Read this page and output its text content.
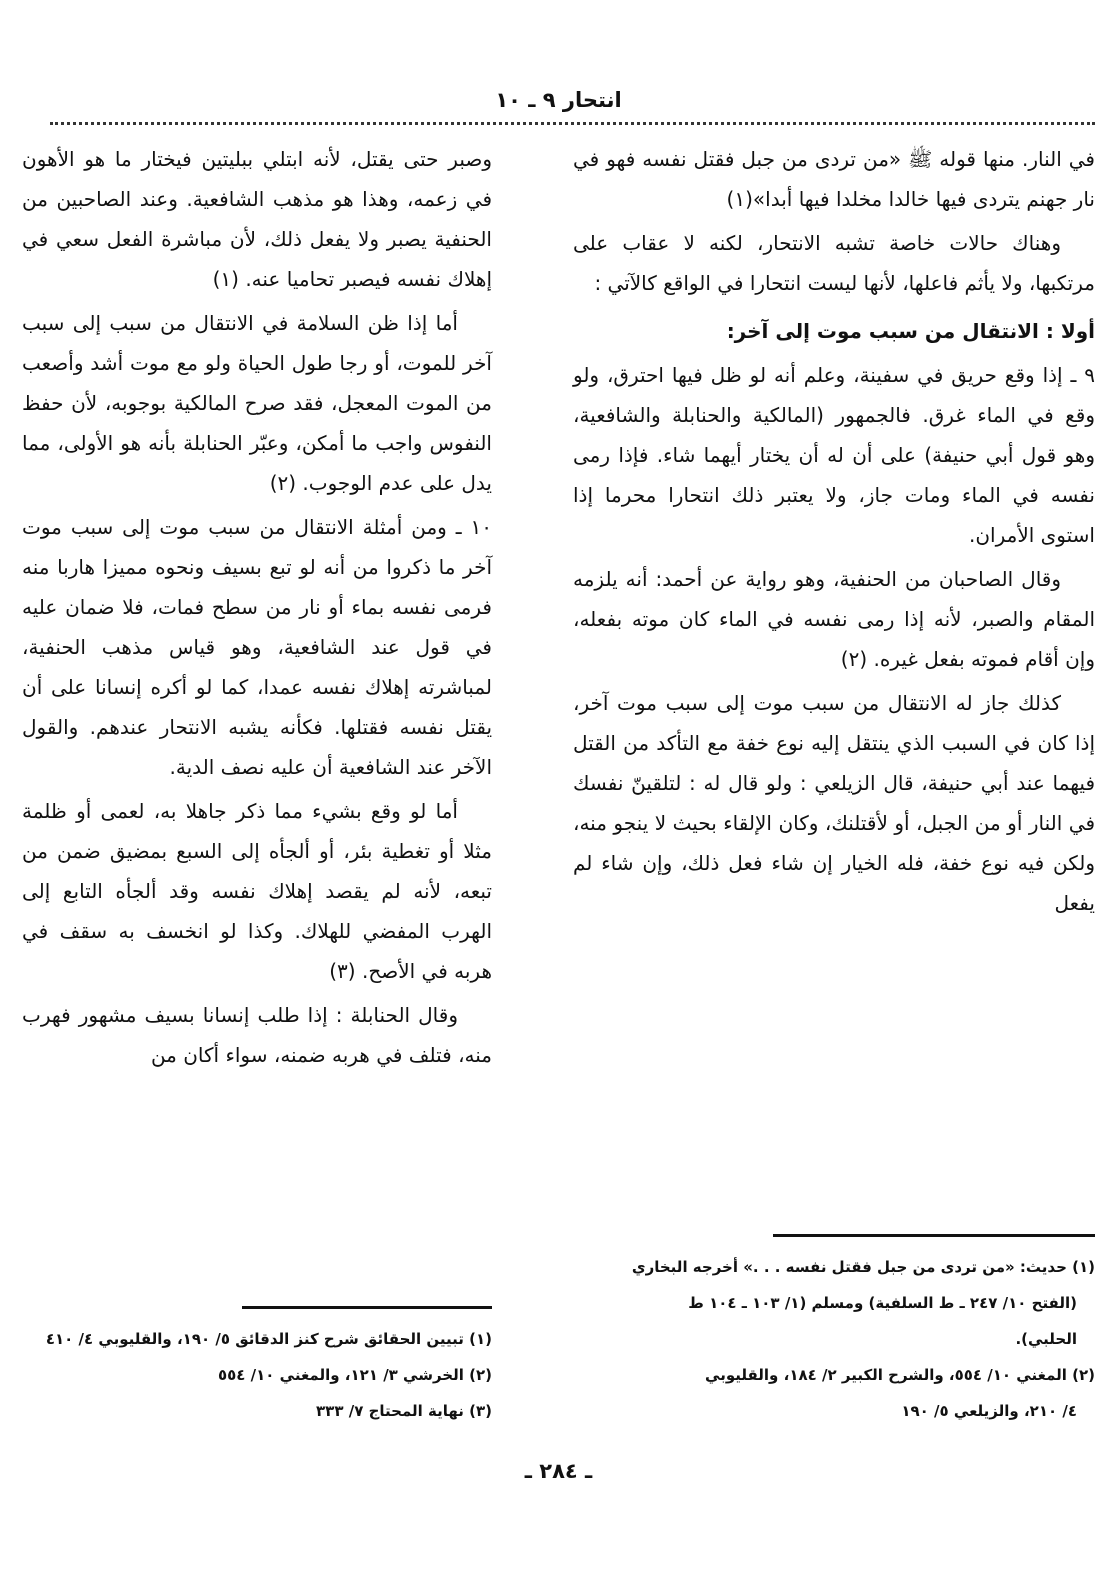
انتحار ٩ ـ ١٠

في النار. منها قوله ﷺ «من تردى من جبل فقتل نفسه فهو في نار جهنم يتردى فيها خالدا مخلدا فيها أبدا»(١)

وهناك حالات خاصة تشبه الانتحار، لكنه لا عقاب على مرتكبها، ولا يأثم فاعلها، لأنها ليست انتحارا في الواقع كالآتي :

أولا : الانتقال من سبب موت إلى آخر:

٩ ـ إذا وقع حريق في سفينة، وعلم أنه لو ظل فيها احترق، ولو وقع في الماء غرق. فالجمهور (المالكية والحنابلة والشافعية، وهو قول أبي حنيفة) على أن له أن يختار أيهما شاء. فإذا رمى نفسه في الماء ومات جاز، ولا يعتبر ذلك انتحارا محرما إذا استوى الأمران.

وقال الصاحبان من الحنفية، وهو رواية عن أحمد: أنه يلزمه المقام والصبر، لأنه إذا رمى نفسه في الماء كان موته بفعله، وإن أقام فموته بفعل غيره. (٢)

كذلك جاز له الانتقال من سبب موت إلى سبب موت آخر، إذا كان في السبب الذي ينتقل إليه نوع خفة مع التأكد من القتل فيهما عند أبي حنيفة، قال الزيلعي : ولو قال له : لتلقينّ نفسك في النار أو من الجبل، أو لأقتلنك، وكان الإلقاء بحيث لا ينجو منه، ولكن فيه نوع خفة، فله الخيار إن شاء فعل ذلك، وإن شاء لم يفعل

(١) حديث: «من تردى من جبل فقتل نفسه . . .» أخرجه البخاري

(الفتح ١٠/ ٢٤٧ ـ ط السلفية) ومسلم (١/ ١٠٣ ـ ١٠٤ ط

الحلبي).

(٢) المغني ١٠/ ٥٥٤، والشرح الكبير ٢/ ١٨٤، والقليوبي

٤/ ٢١٠، والزيلعي ٥/ ١٩٠

وصبر حتى يقتل، لأنه ابتلي ببليتين فيختار ما هو الأهون في زعمه، وهذا هو مذهب الشافعية. وعند الصاحبين من الحنفية يصبر ولا يفعل ذلك، لأن مباشرة الفعل سعي في إهلاك نفسه فيصبر تحاميا عنه. (١)

أما إذا ظن السلامة في الانتقال من سبب إلى سبب آخر للموت، أو رجا طول الحياة ولو مع موت أشد وأصعب من الموت المعجل، فقد صرح المالكية بوجوبه، لأن حفظ النفوس واجب ما أمكن، وعبّر الحنابلة بأنه هو الأولى، مما يدل على عدم الوجوب. (٢)

١٠ ـ ومن أمثلة الانتقال من سبب موت إلى سبب موت آخر ما ذكروا من أنه لو تبع بسيف ونحوه مميزا هاربا منه فرمى نفسه بماء أو نار من سطح فمات، فلا ضمان عليه في قول عند الشافعية، وهو قياس مذهب الحنفية، لمباشرته إهلاك نفسه عمدا، كما لو أكره إنسانا على أن يقتل نفسه فقتلها. فكأنه يشبه الانتحار عندهم. والقول الآخر عند الشافعية أن عليه نصف الدية.

أما لو وقع بشيء مما ذكر جاهلا به، لعمى أو ظلمة مثلا أو تغطية بئر، أو ألجأه إلى السبع بمضيق ضمن من تبعه، لأنه لم يقصد إهلاك نفسه وقد ألجأه التابع إلى الهرب المفضي للهلاك. وكذا لو انخسف به سقف في هربه في الأصح. (٣)

وقال الحنابلة : إذا طلب إنسانا بسيف مشهور فهرب منه، فتلف في هربه ضمنه، سواء أكان من

(١) تبيين الحقائق شرح كنز الدقائق ٥/ ١٩٠، والقليوبي ٤/ ٤١٠

(٢) الخرشي ٣/ ١٢١، والمغني ١٠/ ٥٥٤

(٣) نهاية المحتاج ٧/ ٣٣٣

ـ ٢٨٤ ـ
